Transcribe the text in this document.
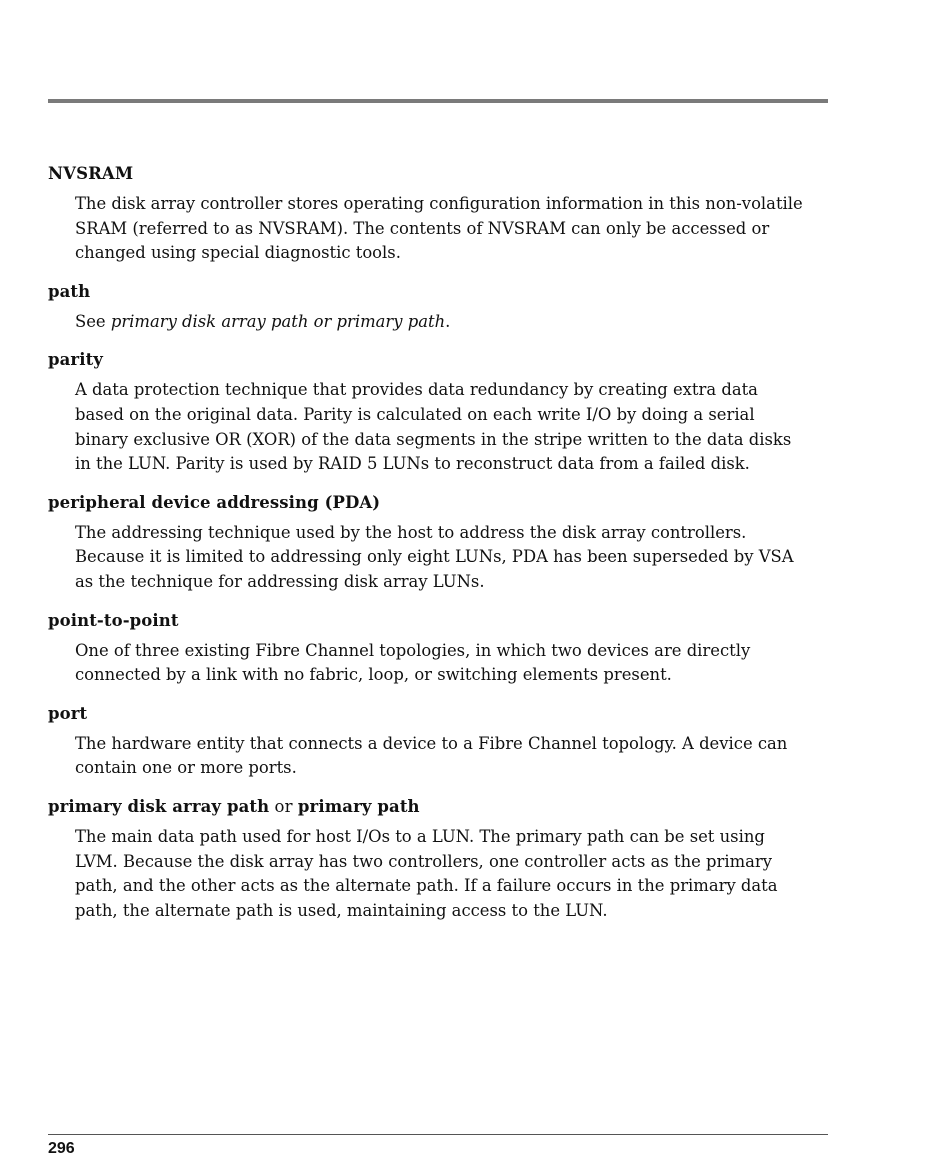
NVSRAM
The disk array controller stores operating configuration information in this non-volatile SRAM (referred to as NVSRAM). The contents of NVSRAM can only be accessed or changed using special diagnostic tools.
path
See primary disk array path or primary path.
parity
A data protection technique that provides data redundancy by creating extra data based on the original data. Parity is calculated on each write I/O by doing a serial binary exclusive OR (XOR) of the data segments in the stripe written to the data disks in the LUN. Parity is used by RAID 5 LUNs to reconstruct data from a failed disk.
peripheral device addressing (PDA)
The addressing technique used by the host to address the disk array controllers. Because it is limited to addressing only eight LUNs, PDA has been superseded by VSA as the technique for addressing disk array LUNs.
point-to-point
One of three existing Fibre Channel topologies, in which two devices are directly connected by a link with no fabric, loop, or switching elements present.
port
The hardware entity that connects a device to a Fibre Channel topology. A device can contain one or more ports.
primary disk array path or primary path
The main data path used for host I/Os to a LUN. The primary path can be set using LVM. Because the disk array has two controllers, one controller acts as the primary path, and the other acts as the alternate path. If a failure occurs in the primary data path, the alternate path is used, maintaining access to the LUN.
296
